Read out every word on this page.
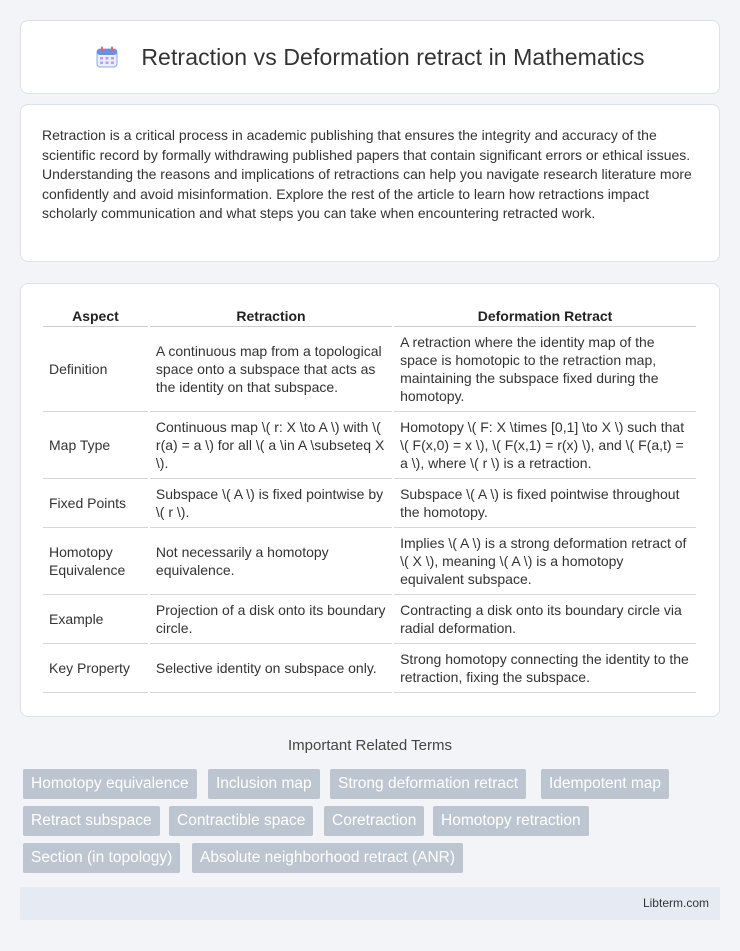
Retraction vs Deformation retract in Mathematics

Retraction is a critical process in academic publishing that ensures the integrity and accuracy of the scientific record by formally withdrawing published papers that contain significant errors or ethical issues. Understanding the reasons and implications of retractions can help you navigate research literature more confidently and avoid misinformation. Explore the rest of the article to learn how retractions impact scholarly communication and what steps you can take when encountering retracted work.

Aspect	Retraction	Deformation Retract
Definition	A continuous map from a topological space onto a subspace that acts as the identity on that subspace.	A retraction where the identity map of the space is homotopic to the retraction map, maintaining the subspace fixed during the homotopy.
Map Type	Continuous map \( r: X \to A \) with \( r(a) = a \) for all \( a \in A \subseteq X \).	Homotopy \( F: X \times [0,1] \to X \) such that \( F(x,0) = x \), \( F(x,1) = r(x) \), and \( F(a,t) = a \), where \( r \) is a retraction.
Fixed Points	Subspace \( A \) is fixed pointwise by \( r \).	Subspace \( A \) is fixed pointwise throughout the homotopy.
Homotopy Equivalence	Not necessarily a homotopy equivalence.	Implies \( A \) is a strong deformation retract of \( X \), meaning \( A \) is a homotopy equivalent subspace.
Example	Projection of a disk onto its boundary circle.	Contracting a disk onto its boundary circle via radial deformation.
Key Property	Selective identity on subspace only.	Strong homotopy connecting the identity to the retraction, fixing the subspace.
Important Related Terms
Homotopy equivalence	Inclusion map	Strong deformation retract	Idempotent map
Retract subspace	Contractible space	Coretraction	Homotopy retraction
Section (in topology)	Absolute neighborhood retract (ANR)
Libterm.com
